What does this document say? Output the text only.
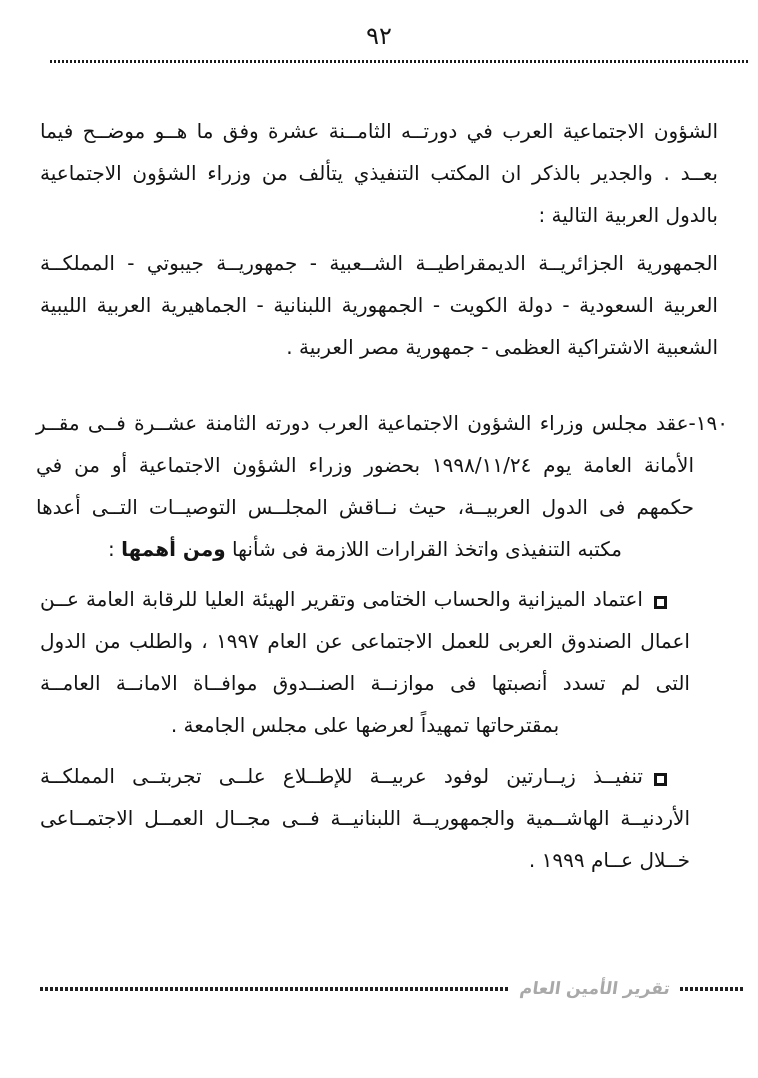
٩٢

الشؤون الاجتماعية العرب في دورتــه الثامــنة عشرة وفق ما هــو موضــح فيما بعــد . والجدير بالذكر ان المكتب التنفيذي يتألف من وزراء الشؤون الاجتماعية بالدول العربية التالية :

الجمهورية الجزائريــة الديمقراطيــة الشــعبية - جمهوريــة جيبوتي - المملكــة العربية السعودية - دولة الكويت - الجمهورية اللبنانية - الجماهيرية العربية الليبية الشعبية الاشتراكية العظمى - جمهورية مصر العربية .

١٩٠-عقد مجلس وزراء الشؤون الاجتماعية العرب دورته الثامنة عشــرة فــى مقــر الأمانة العامة يوم ١٩٩٨/١١/٢٤ بحضور وزراء الشؤون الاجتماعية أو من في حكمهم فى الدول العربيــة، حيث نــاقش المجلــس التوصيــات التــى أعدها مكتبه التنفيذى واتخذ القرارات اللازمة فى شأنها ومن أهمها :

اعتماد الميزانية والحساب الختامى وتقرير الهيئة العليا للرقابة العامة عــن اعمال الصندوق العربى للعمل الاجتماعى عن العام ١٩٩٧ ، والطلب من الدول التى لم تسدد أنصبتها فى موازنــة الصنــدوق موافــاة الامانــة العامــة بمقترحاتها تمهيداً لعرضها على مجلس الجامعة .

تنفيــذ زيــارتين لوفود عربيــة للإطــلاع علــى تجربتــى المملكــة الأردنيــة الهاشــمية والجمهوريــة اللبنانيــة فــى مجــال العمــل الاجتمــاعى خــلال عــام ١٩٩٩ .

تقرير الأمين العام
